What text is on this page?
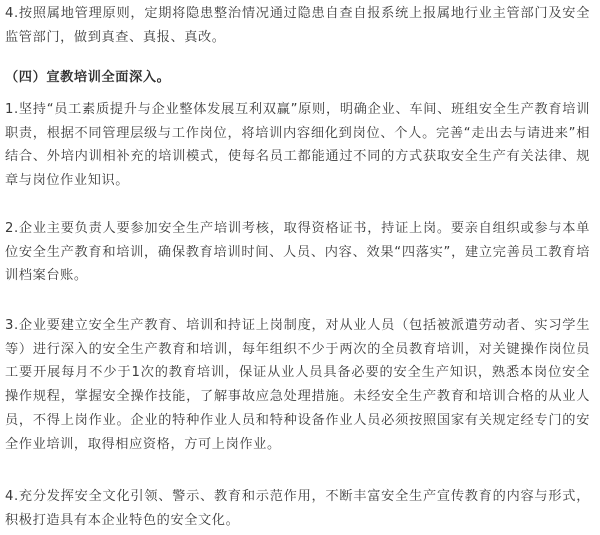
4.按照属地管理原则，定期将隐患整治情况通过隐患自查自报系统上报属地行业主管部门及安全监管部门，做到真查、真报、真改。

（四）宣教培训全面深入。

1.坚持“员工素质提升与企业整体发展互利双赢”原则，明确企业、车间、班组安全生产教育培训职责，根据不同管理层级与工作岗位，将培训内容细化到岗位、个人。完善“走出去与请进来”相结合、外培内训相补充的培训模式，使每名员工都能通过不同的方式获取安全生产有关法律、规章与岗位作业知识。

2.企业主要负责人要参加安全生产培训考核，取得资格证书，持证上岗。要亲自组织或参与本单位安全生产教育和培训，确保教育培训时间、人员、内容、效果“四落实”，建立完善员工教育培训档案台账。

3.企业要建立安全生产教育、培训和持证上岗制度，对从业人员（包括被派遣劳动者、实习学生等）进行深入的安全生产教育和培训，每年组织不少于两次的全员教育培训，对关键操作岗位员工要开展每月不少于1次的教育培训，保证从业人员具备必要的安全生产知识，熟悉本岗位安全操作规程，掌握安全操作技能，了解事故应急处理措施。未经安全生产教育和培训合格的从业人员，不得上岗作业。企业的特种作业人员和特种设备作业人员必须按照国家有关规定经专门的安全作业培训，取得相应资格，方可上岗作业。

4.充分发挥安全文化引领、警示、教育和示范作用，不断丰富安全生产宣传教育的内容与形式，积极打造具有本企业特色的安全文化。
